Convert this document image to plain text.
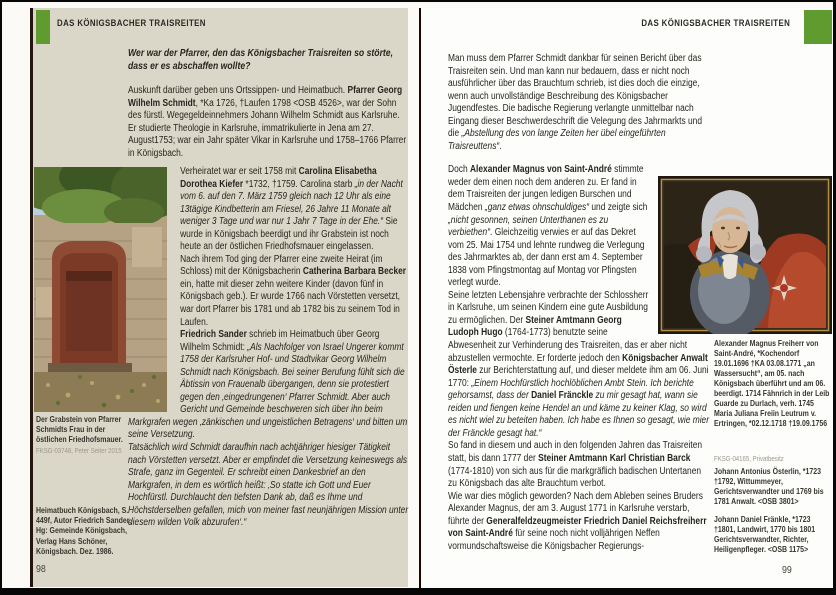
DAS KÖNIGSBACHER TRAISREITEN
Wer war der Pfarrer, den das Königsbacher Traisreiten so störte, dass er es abschaffen wollte?

Auskunft darüber geben uns Ortssippen- und Heimatbuch. Pfarrer Georg Wilhelm Schmidt, *Ka 1726, †Laufen 1798 <OSB 4526>, war der Sohn des fürstl. Wegegeldeinnehmers Johann Wilhelm Schmidt aus Karlsruhe. Er studierte Theologie in Karlsruhe, immatrikulierte in Jena am 27. August1753; war ein Jahr später Vikar in Karlsruhe und 1758–1766 Pfarrer in Königsbach.

Verheiratet war er seit 1758 mit Carolina Elisabetha Dorothea Kiefer *1732, †1759. Carolina starb „in der Nacht vom 6. auf den 7. März 1759 gleich nach 12 Uhr als eine 13tägige Kindbetterin am Friesel, 26 Jahre 11 Monate alt weniger 3 Tage und war nur 1 Jahr 7 Tage in der Ehe.“ Sie wurde in Königsbach beerdigt und ihr Grabstein ist noch heute an der östlichen Friedhofsmauer eingelassen.

Nach ihrem Tod ging der Pfarrer eine zweite Heirat (im Schloss) mit der Königsbacherin Catherina Barbara Becker ein, hatte mit dieser zehn weitere Kinder (davon fünf in Königsbach geb.). Er wurde 1766 nach Vörstetten versetzt, war dort Pfarrer bis 1781 und ab 1782 bis zu seinem Tod in Laufen.

Friedrich Sander schrieb im Heimatbuch über Georg Wilhelm Schmidt: „Als Nachfolger von Israel Ungerer kommt 1758 der Karlsruher Hof- und Stadtvikar Georg Wilhelm Schmidt nach Königsbach. Bei seiner Berufung fühlt sich die Äbtissin von Frauenalb übergangen, denn sie protestiert gegen den ‚eingedrungenen‘ Pfarrer Schmidt. Aber auch Gericht und Gemeinde beschweren sich über ihn beim Markgrafen wegen ‚zänkischen und ungeistlichen Betragens‘ und bitten um seine Versetzung.

Tatsächlich wird Schmidt daraufhin nach achtjähriger hiesiger Tätigkeit nach Vörstetten versetzt. Aber er empfindet die Versetzung keineswegs als Strafe, ganz im Gegenteil. Er schreibt einen Dankesbrief an den Markgrafen, in dem es wörtlich heißt: ‚So statte ich Gott und Euer Hochfürstl. Durchlaucht den tiefsten Dank ab, daß es Ihme und Höchstderselben gefallen, mich von meiner fast neunjährigen Mission unter diesem wilden Volk abzurufen‘.“

Der Grabstein von Pfarrer Schmidts Frau in der östlichen Friedhofsmauer.
FKSG-03748, Peter Seiter 2015
Heimatbuch Königsbach, S. 449f, Autor Friedrich Sander, Hg: Gemeinde Königsbach, Verlag Hans Schöner, Königsbach. Dez. 1986.
98
DAS KÖNIGSBACHER TRAISREITEN

Man muss dem Pfarrer Schmidt dankbar für seinen Bericht über das Traisreiten sein. Und man kann nur bedauern, dass er nicht noch ausführlicher über das Brauchtum schrieb, ist dies doch die einzige, wenn auch unvollständige Beschreibung des Königsbacher Jugendfestes. Die badische Regierung verlangte unmittelbar nach Eingang dieser Beschwerdeschrift die Velegung des Jahrmarkts und die „Abstellung des von lange Zeiten her übel eingeführten Traisreuttens“.

Doch Alexander Magnus von Saint-André stimmte weder dem einen noch dem anderen zu. Er fand in dem Traisreiten der jungen ledigen Burschen und Mädchen „ganz etwas ohnschuldiges“ und zeigte sich „nicht gesonnen, seinen Unterthanen es zu verbiethen“. Gleichzeitig verwies er auf das Dekret vom 25. Mai 1754 und lehnte rundweg die Verlegung des Jahrmarktes ab, der dann erst am 4. September 1838 vom Pfingstmontag auf Montag vor Pfingsten verlegt wurde.

Seine letzten Lebensjahre verbrachte der Schlossherr in Karlsruhe, um seinen Kindern eine gute Ausbildung zu ermöglichen. Der Steiner Amtmann Georg Ludoph Hugo (1764-1773) benutzte seine Abwesenheit zur Verhinderung des Traisreiten, das er aber nicht abzustellen vermochte. Er forderte jedoch den Königsbacher Anwalt Österle zur Berichterstattung auf, und dieser meldete ihm am 06. Juni 1770: „Einem Hochfürstlich hochlöblichen Ambt Stein. Ich berichte gehorsamst, dass der Daniel Fränckle zu mir gesagt hat, wann sie reiden und fiengen keine Hendel an und käme zu keiner Klag, so wird es nicht wiel zu beteiten haben. Ich habe es Ihnen so gesagt, wie mier der Fränckle gesagt hat.“

So fand in diesem und auch in den folgenden Jahren das Traisreiten statt, bis dann 1777 der Steiner Amtmann Karl Christian Barck (1774-1810) von sich aus für die markgräflich badischen Untertanen zu Königsbach das alte Brauchtum verbot.

Wie war dies möglich geworden? Nach dem Ableben seines Bruders Alexander Magnus, der am 3. August 1771 in Karlsruhe verstarb, führte der Generalfeldzeugmeister Friedrich Daniel Reichsfreiherr von Saint-André für seine noch nicht volljährigen Neffen vormundschaftsweise die Königsbacher Regierungs-

Alexander Magnus Freiherr von Saint-André, *Kochendorf 19.01.1696 †KA 03.08.1771 „an Wassersucht“, am 05. nach Königsbach überführt und am 06. beerdigt. 1714 Fähnrich in der Leib Guarde zu Durlach, verh. 1745 Maria Juliana Freiin Leutrum v. Ertringen, *02.12.1718 †19.09.1756
FKSG-04165, Privatbesitz
Johann Antonius Österlin, *1723 †1792, Wittummeyer, Gerichtsverwandter und 1769 bis 1781 Anwalt. <OSB 3801>
Johann Daniel Fränkle, *1723 †1801, Landwirt, 1770 bis 1801 Gerichtsverwandter, Richter, Heiligenpfleger. <OSB 1175>
99
